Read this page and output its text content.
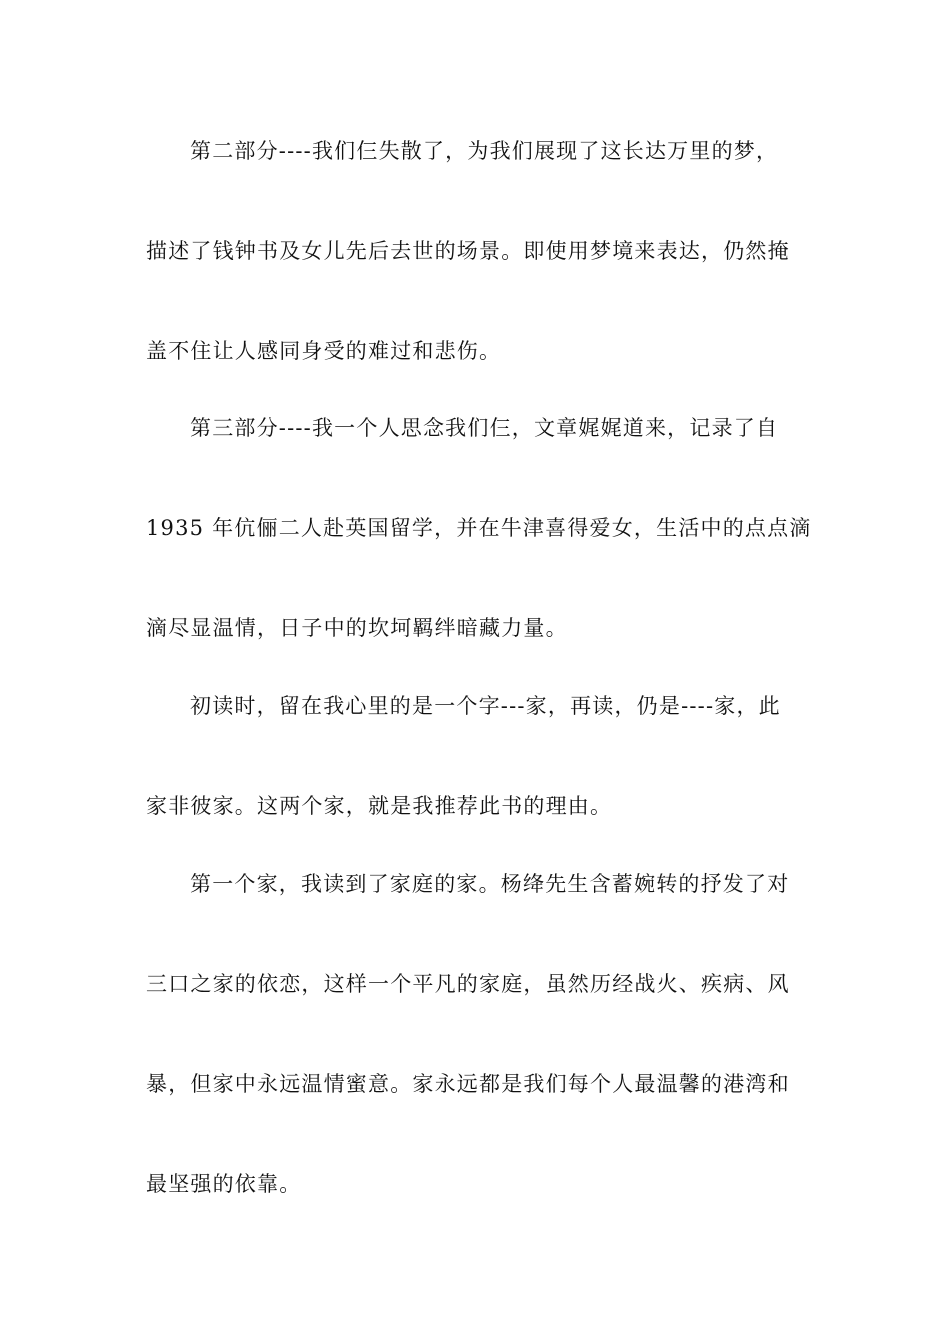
第二部分----我们仨失散了，为我们展现了这长达万里的梦，
描述了钱钟书及女儿先后去世的场景。即使用梦境来表达，仍然掩
盖不住让人感同身受的难过和悲伤。
第三部分----我一个人思念我们仨，文章娓娓道来，记录了自
1935 年伉俪二人赴英国留学，并在牛津喜得爱女，生活中的点点滴
滴尽显温情，日子中的坎坷羁绊暗藏力量。
初读时，留在我心里的是一个字---家，再读，仍是----家，此
家非彼家。这两个家，就是我推荐此书的理由。
第一个家，我读到了家庭的家。杨绛先生含蓄婉转的抒发了对
三口之家的依恋，这样一个平凡的家庭，虽然历经战火、疾病、风
暴，但家中永远温情蜜意。家永远都是我们每个人最温馨的港湾和
最坚强的依靠。
